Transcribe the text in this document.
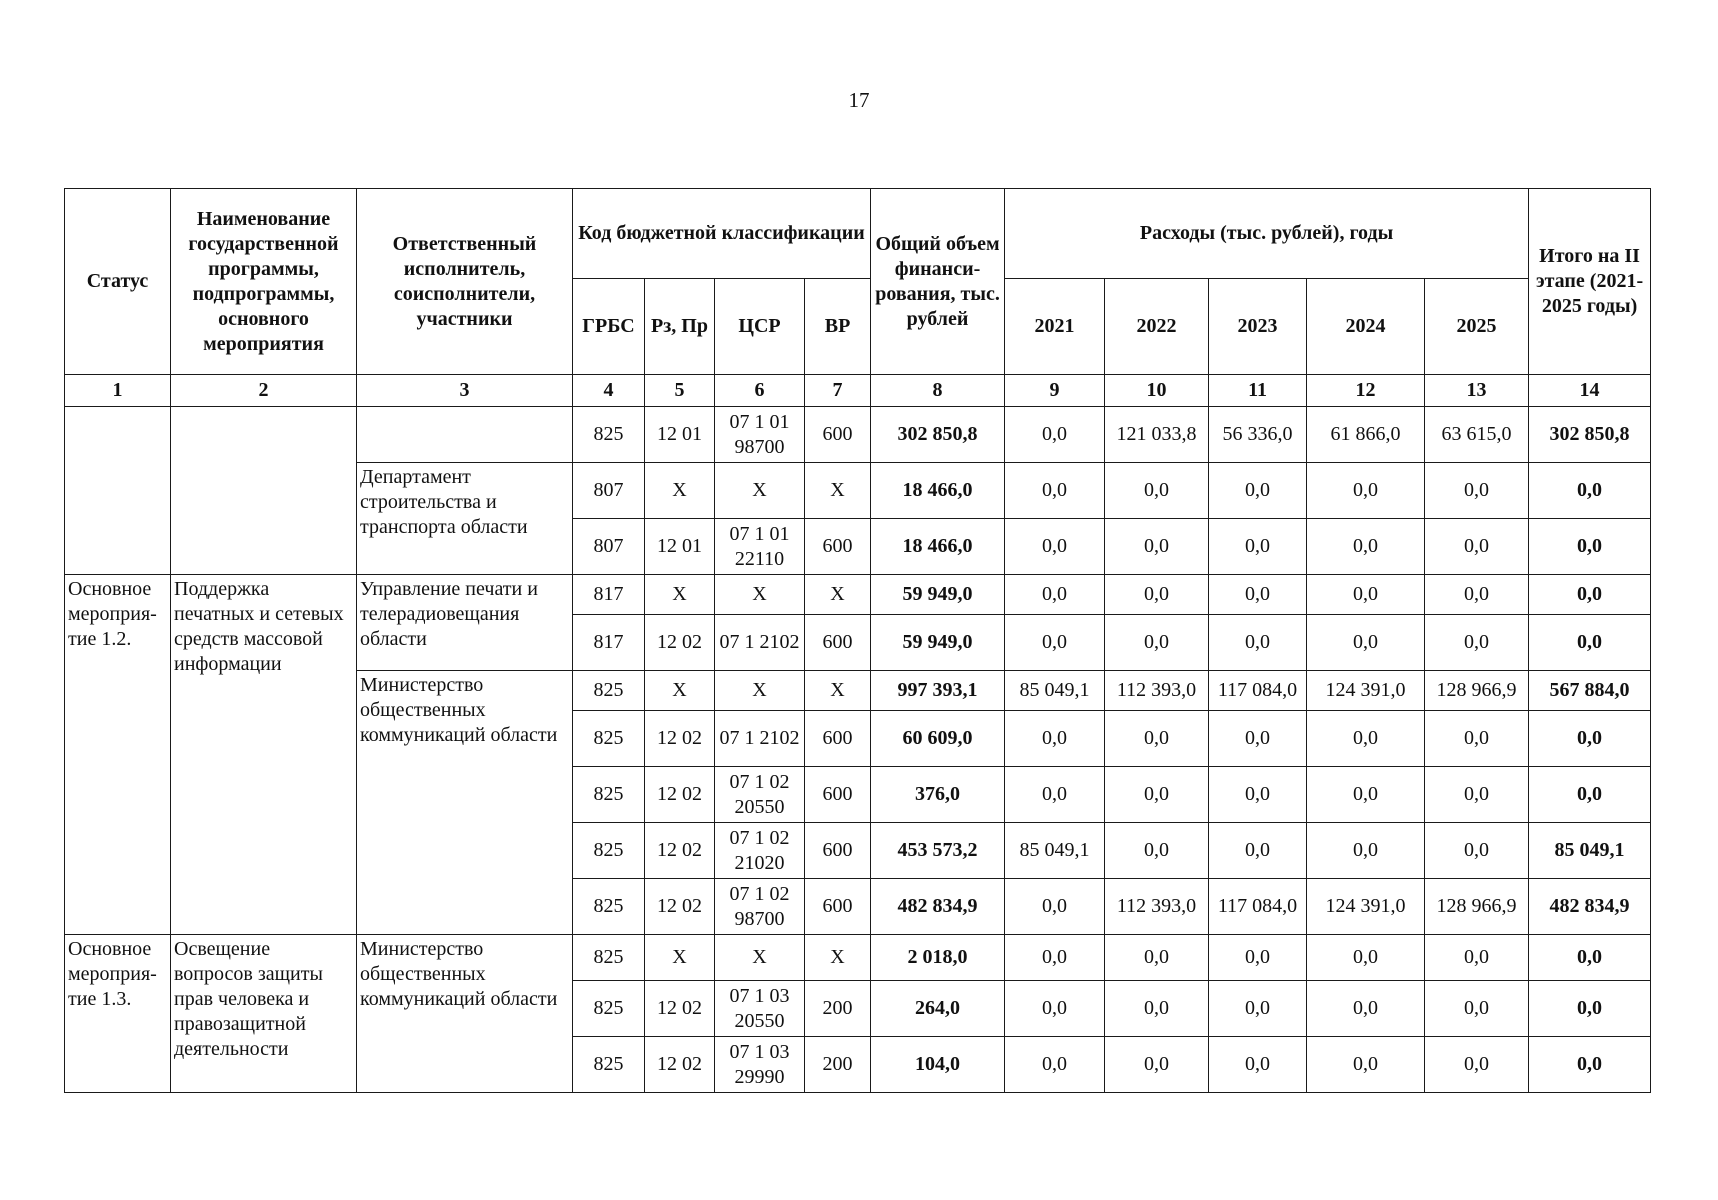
17
Статус	Наименование государственной программы, подпрограммы, основного мероприятия	Ответственный исполнитель, соисполнители, участники	Код бюджетной классификации				Общий объем финанси-рования, тыс. рублей	Расходы (тыс. рублей), годы					Итого на II этапе (2021-2025 годы)
			ГРБС	Рз, Пр	ЦСР	ВР		2021	2022	2023	2024	2025	
1	2	3	4	5	6	7	8	9	10	11	12	13	14
			825	12 01	07 1 01 98700	600	302 850,8	0,0	121 033,8	56 336,0	61 866,0	63 615,0	302 850,8
		Департамент строительства и транспорта области	807	X	X	X	18 466,0	0,0	0,0	0,0	0,0	0,0	0,0
			807	12 01	07 1 01 22110	600	18 466,0	0,0	0,0	0,0	0,0	0,0	0,0
Основное мероприя-тие 1.2.	Поддержка печатных и сетевых средств массовой информации	Управление печати и телерадиовещания области	817	X	X	X	59 949,0	0,0	0,0	0,0	0,0	0,0	0,0
			817	12 02	07 1 2102	600	59 949,0	0,0	0,0	0,0	0,0	0,0	0,0
		Министерство общественных коммуникаций области	825	X	X	X	997 393,1	85 049,1	112 393,0	117 084,0	124 391,0	128 966,9	567 884,0
			825	12 02	07 1 2102	600	60 609,0	0,0	0,0	0,0	0,0	0,0	0,0
			825	12 02	07 1 02 20550	600	376,0	0,0	0,0	0,0	0,0	0,0	0,0
			825	12 02	07 1 02 21020	600	453 573,2	85 049,1	0,0	0,0	0,0	0,0	85 049,1
			825	12 02	07 1 02 98700	600	482 834,9	0,0	112 393,0	117 084,0	124 391,0	128 966,9	482 834,9
Основное мероприя-тие 1.3.	Освещение вопросов защиты прав человека и правозащитной деятельности	Министерство общественных коммуникаций области	825	X	X	X	2 018,0	0,0	0,0	0,0	0,0	0,0	0,0
			825	12 02	07 1 03 20550	200	264,0	0,0	0,0	0,0	0,0	0,0	0,0
			825	12 02	07 1 03 29990	200	104,0	0,0	0,0	0,0	0,0	0,0	0,0
